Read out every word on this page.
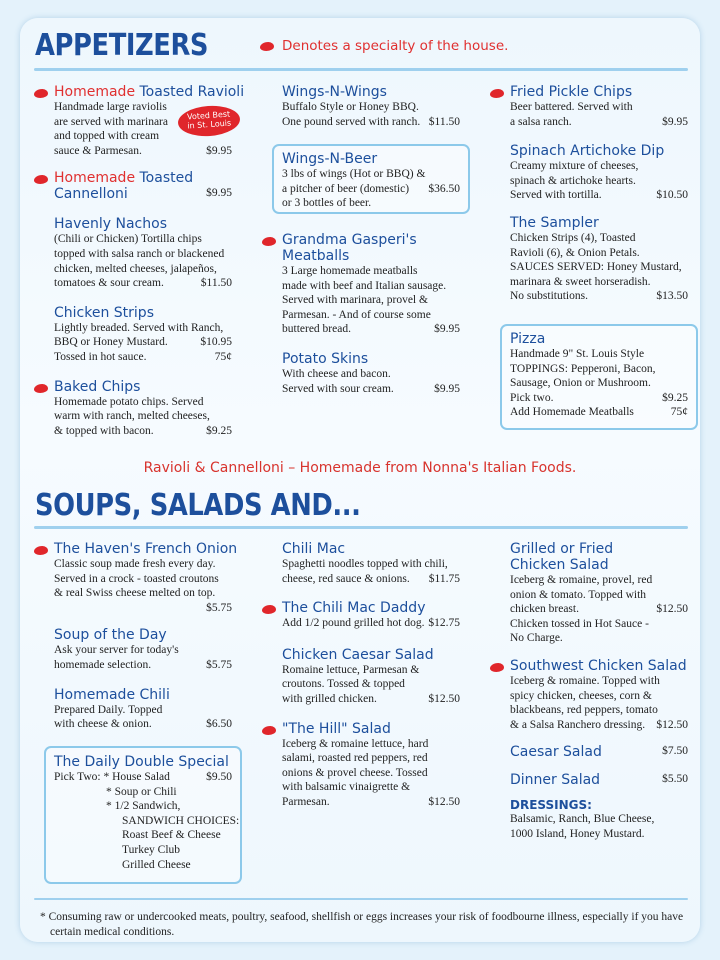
APPETIZERS	Denotes a specialty of the house.
Homemade Toasted Ravioli
Handmade large raviolis
are served with marinara
and topped with cream
sauce & Parmesan.	$9.95
Homemade Toasted
Cannelloni	$9.95
Havenly Nachos
(Chili or Chicken) Tortilla chips
topped with salsa ranch or blackened
chicken, melted cheeses, jalapeños,
tomatoes & sour cream.	$11.50
Chicken Strips
Lightly breaded. Served with Ranch,
BBQ or Honey Mustard.	$10.95
Tossed in hot sauce.	75¢
Baked Chips
Homemade potato chips. Served
warm with ranch, melted cheeses,
& topped with bacon.	$9.25
Voted Best
in St. Louis
Wings-N-Wings
Buffalo Style or Honey BBQ.
One pound served with ranch. $11.50
Wings-N-Beer
3 lbs of wings (Hot or BBQ) &
a pitcher of beer (domestic) $36.50
or 3 bottles of beer.
Grandma Gasperi's
Meatballs
3 Large homemade meatballs
made with beef and Italian sausage.
Served with marinara, provel &
Parmesan. - And of course some
buttered bread.	$9.95
Potato Skins
With cheese and bacon.
Served with sour cream.	$9.95
Fried Pickle Chips
Beer battered. Served with
a salsa ranch.	$9.95
Spinach Artichoke Dip
Creamy mixture of cheeses,
spinach & artichoke hearts.
Served with tortilla.	$10.50
The Sampler
Chicken Strips (4), Toasted
Ravioli (6), & Onion Petals.
SAUCES SERVED: Honey Mustard,
marinara & sweet horseradish.
No substitutions.	$13.50
Pizza
Handmade 9" St. Louis Style
TOPPINGS: Pepperoni, Bacon,
Sausage, Onion or Mushroom.
Pick two.	$9.25
Add Homemade Meatballs	75¢
Ravioli & Cannelloni – Homemade from Nonna's Italian Foods.
SOUPS, SALADS AND...
The Haven's French Onion
Classic soup made fresh every day.
Served in a crock - toasted croutons
& real Swiss cheese melted on top.
$5.75
Soup of the Day
Ask your server for today's
homemade selection.	$5.75
Homemade Chili
Prepared Daily. Topped
with cheese & onion.	$6.50
The Daily Double Special
Pick Two: * House Salad	$9.50
* Soup or Chili
* 1/2 Sandwich,
SANDWICH CHOICES:
Roast Beef & Cheese
Turkey Club
Grilled Cheese
Chili Mac
Spaghetti noodles topped with chili,
cheese, red sauce & onions. $11.75
The Chili Mac Daddy
Add 1/2 pound grilled hot dog. $12.75
Chicken Caesar Salad
Romaine lettuce, Parmesan &
croutons. Tossed & topped
with grilled chicken.	$12.50
"The Hill" Salad
Iceberg & romaine lettuce, hard
salami, roasted red peppers, red
onions & provel cheese. Tossed
with balsamic vinaigrette &
Parmesan.	$12.50
Grilled or Fried
Chicken Salad
Iceberg & romaine, provel, red
onion & tomato. Topped with
chicken breast.	$12.50
Chicken tossed in Hot Sauce -
No Charge.
Southwest Chicken Salad
Iceberg & romaine. Topped with
spicy chicken, cheeses, corn &
blackbeans, red peppers, tomato
& a Salsa Ranchero dressing. $12.50
Caesar Salad	$7.50
Dinner Salad	$5.50
DRESSINGS:
Balsamic, Ranch, Blue Cheese,
1000 Island, Honey Mustard.
* Consuming raw or undercooked meats, poultry, seafood, shellfish or eggs increases your risk of foodbourne illness, especially if you have
certain medical conditions.
